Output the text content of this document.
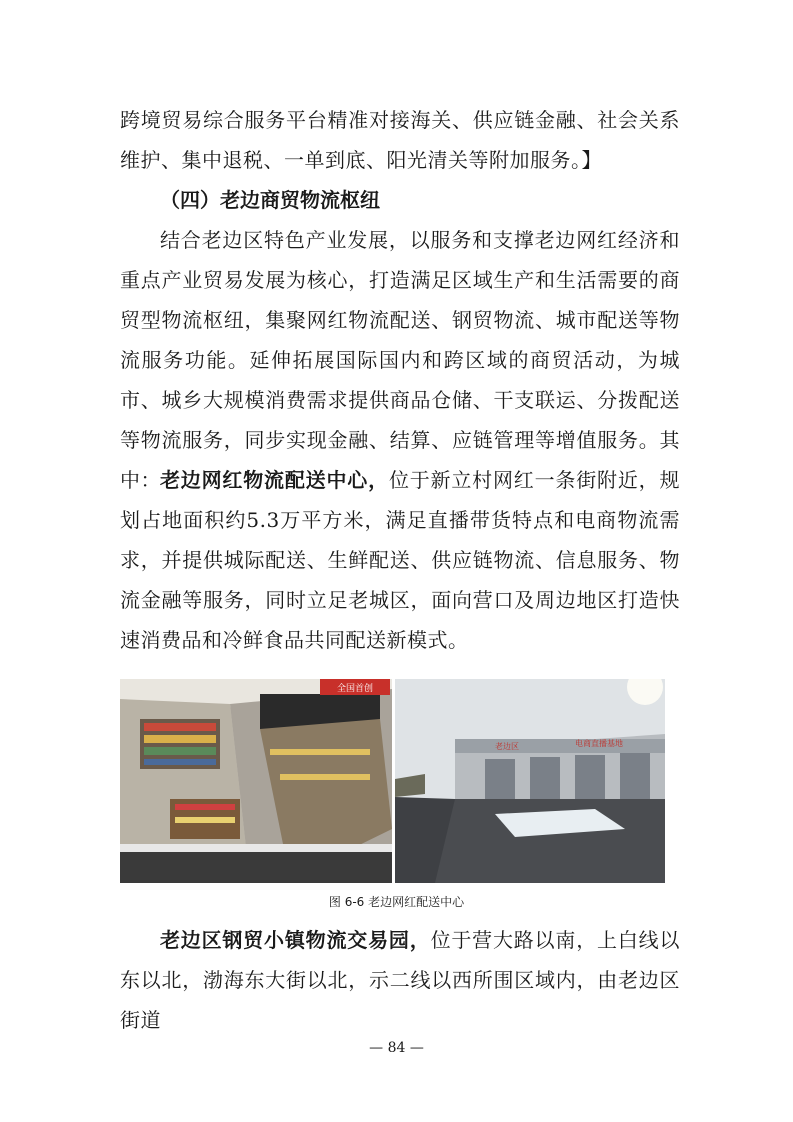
跨境贸易综合服务平台精准对接海关、供应链金融、社会关系维护、集中退税、一单到底、阳光清关等附加服务。】

（四）老边商贸物流枢纽

结合老边区特色产业发展，以服务和支撑老边网红经济和重点产业贸易发展为核心，打造满足区域生产和生活需要的商贸型物流枢纽，集聚网红物流配送、钢贸物流、城市配送等物流服务功能。延伸拓展国际国内和跨区域的商贸活动，为城市、城乡大规模消费需求提供商品仓储、干支联运、分拨配送等物流服务，同步实现金融、结算、应链管理等增值服务。其中： 老边网红物流配送中心，位于新立村网红一条街附近，规划占地面积约5.3万平方米，满足直播带货特点和电商物流需求，并提供城际配送、生鲜配送、供应链物流、信息服务、物流金融等服务，同时立足老城区，面向营口及周边地区打造快速消费品和冷鲜食品共同配送新模式。

全国首创
老边区	电商直播基地
图 6-6 老边网红配送中心

老边区钢贸小镇物流交易园，位于营大路以南，上白线以东以北，渤海东大街以北，示二线以西所围区域内，由老边区街道

— 84 —
